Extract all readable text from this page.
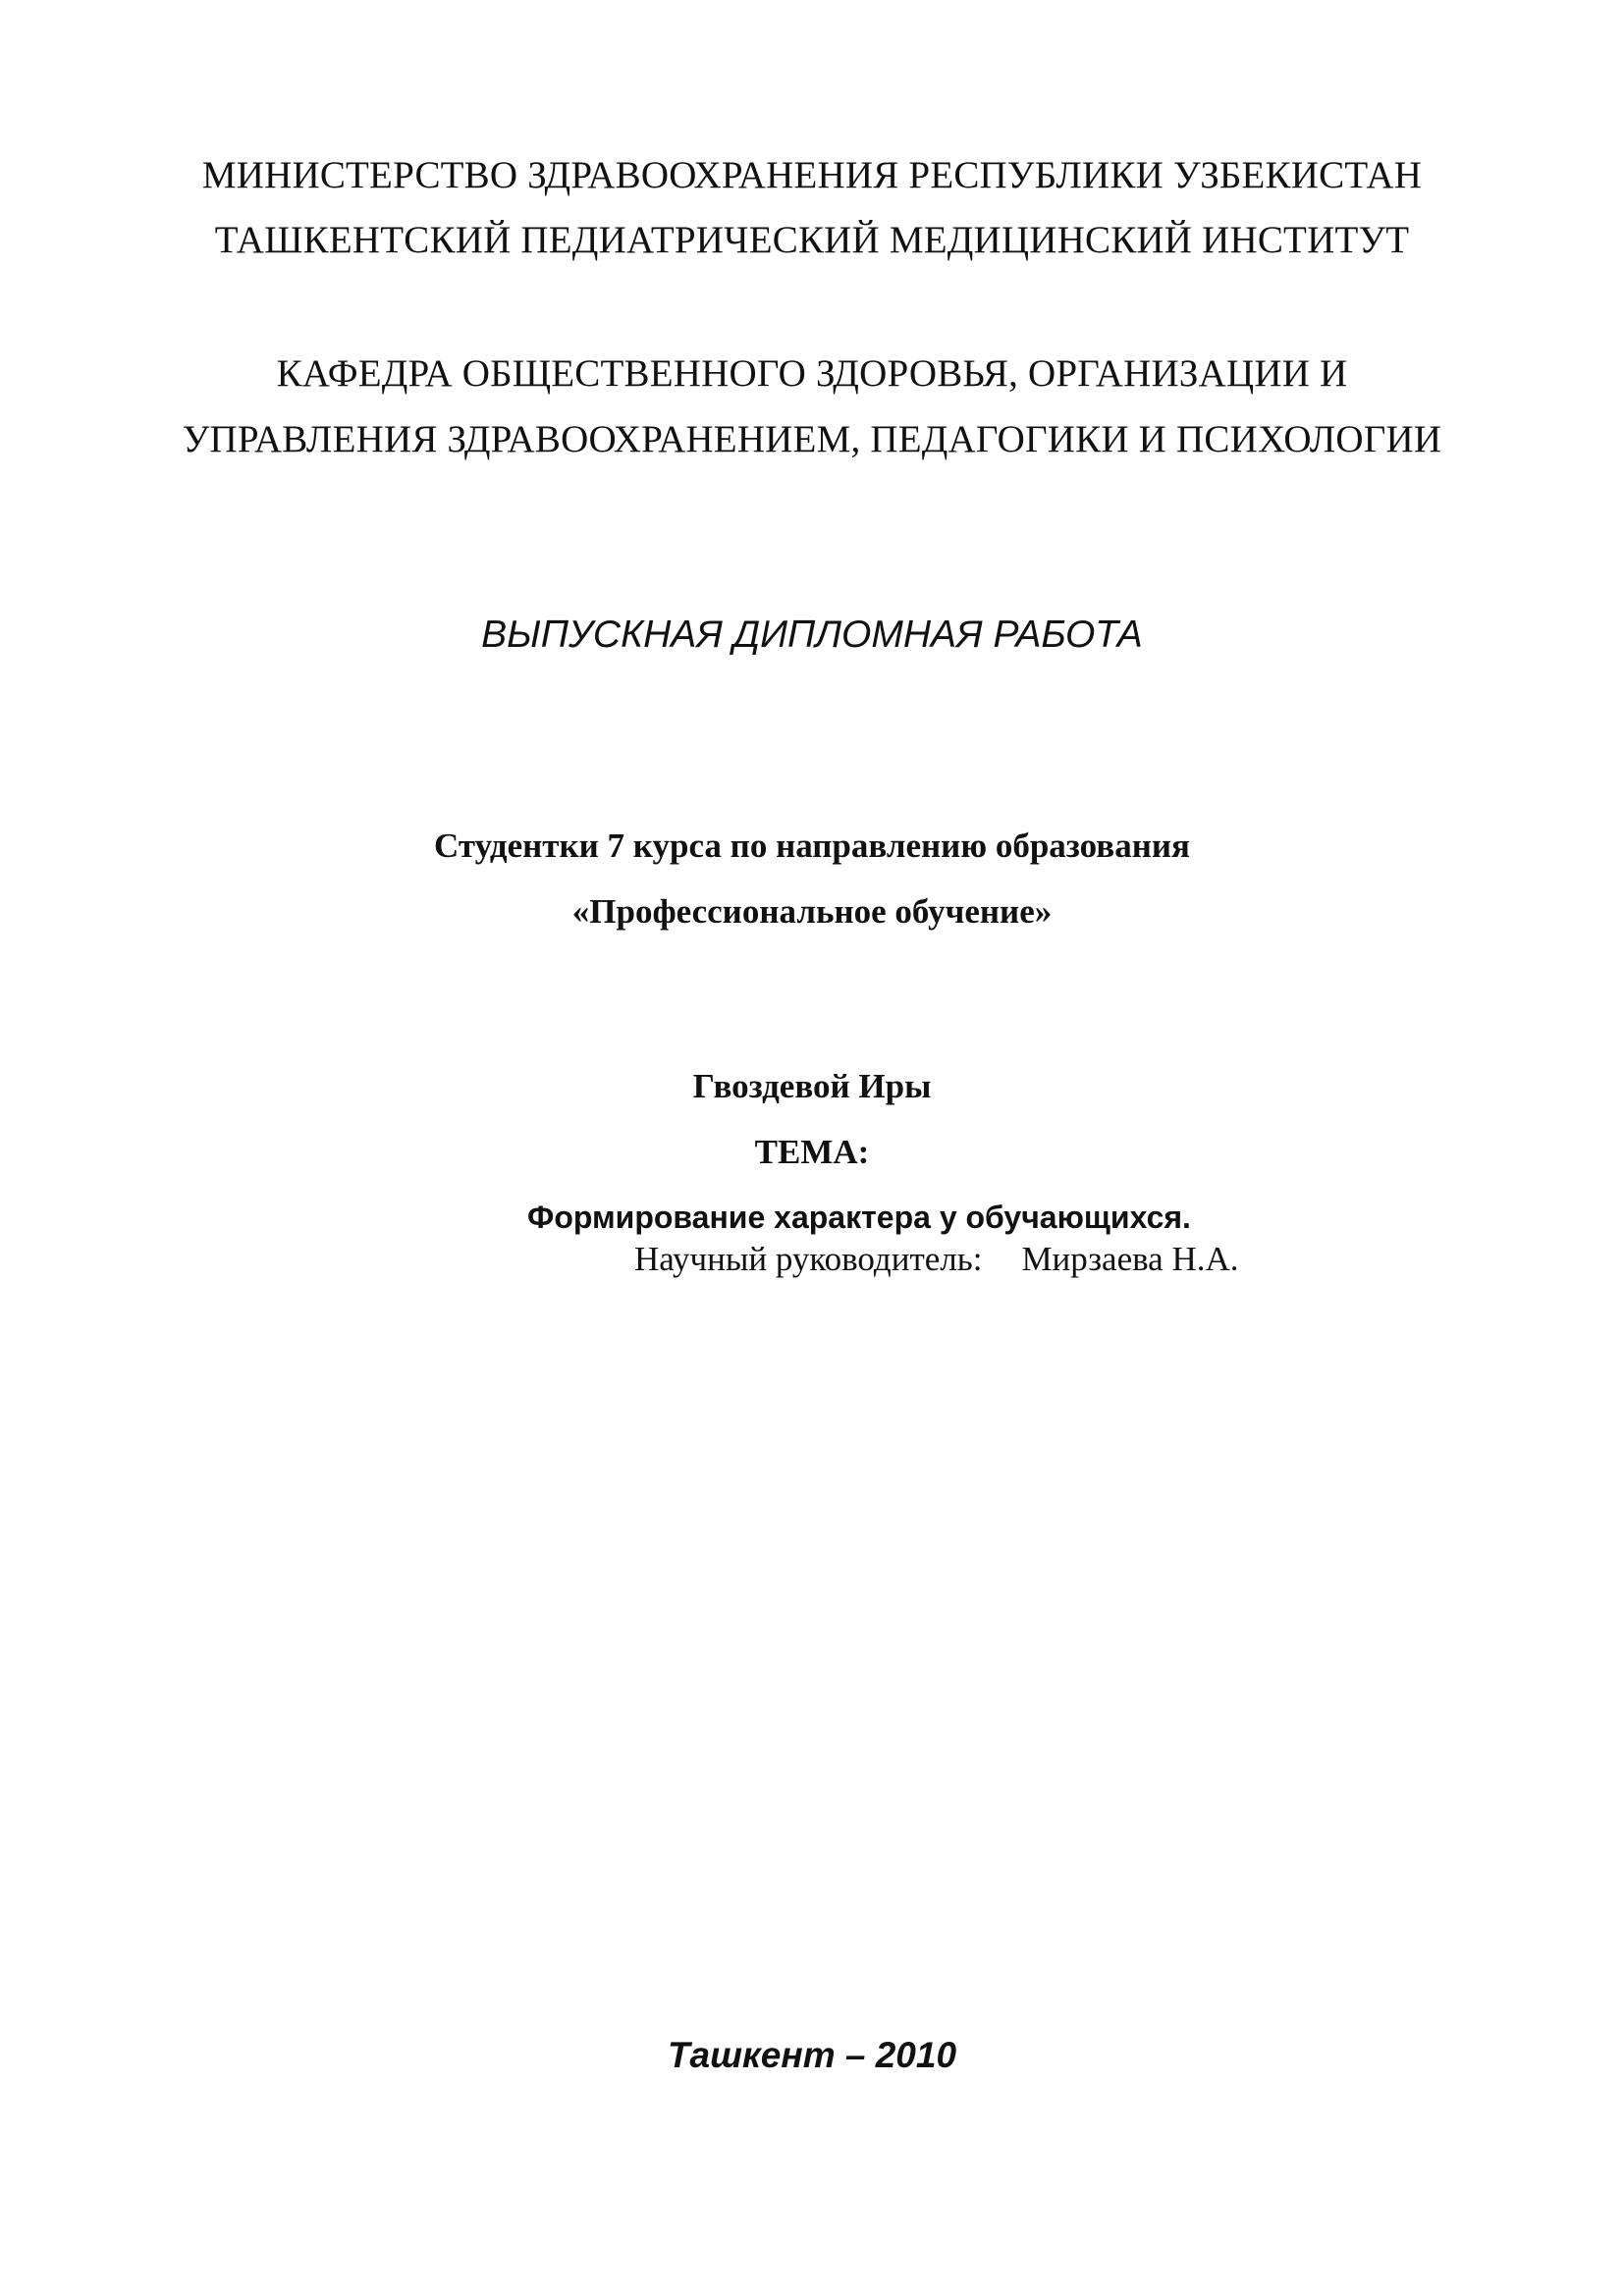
МИНИСТЕРСТВО ЗДРАВООХРАНЕНИЯ РЕСПУБЛИКИ УЗБЕКИСТАН
ТАШКЕНТСКИЙ ПЕДИАТРИЧЕСКИЙ МЕДИЦИНСКИЙ ИНСТИТУТ
КАФЕДРА ОБЩЕСТВЕННОГО ЗДОРОВЬЯ, ОРГАНИЗАЦИИ И
УПРАВЛЕНИЯ ЗДРАВООХРАНЕНИЕМ, ПЕДАГОГИКИ И ПСИХОЛОГИИ
ВЫПУСКНАЯ ДИПЛОМНАЯ РАБОТА
Студентки 7 курса по направлению образования
«Профессиональное обучение»
Гвоздевой Иры
ТЕМА:
Формирование характера у обучающихся.
Научный руководитель: Мирзаева Н.А.
Ташкент – 2010
